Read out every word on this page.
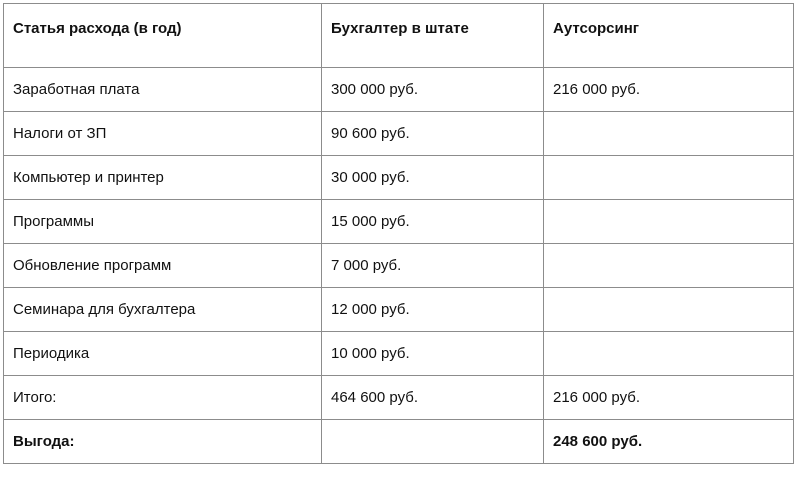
Статья расхода (в год)	Бухгалтер в штате	Аутсорсинг
Заработная плата	300 000 руб.	216 000 руб.
Налоги от ЗП	90 600 руб.	
Компьютер и принтер	30 000 руб.	
Программы	15 000 руб.	
Обновление программ	7 000 руб.	
Семинара для бухгалтера	12 000 руб.	
Периодика	10 000 руб.	
Итого:	464 600 руб.	216 000 руб.
Выгода:		248 600 руб.
